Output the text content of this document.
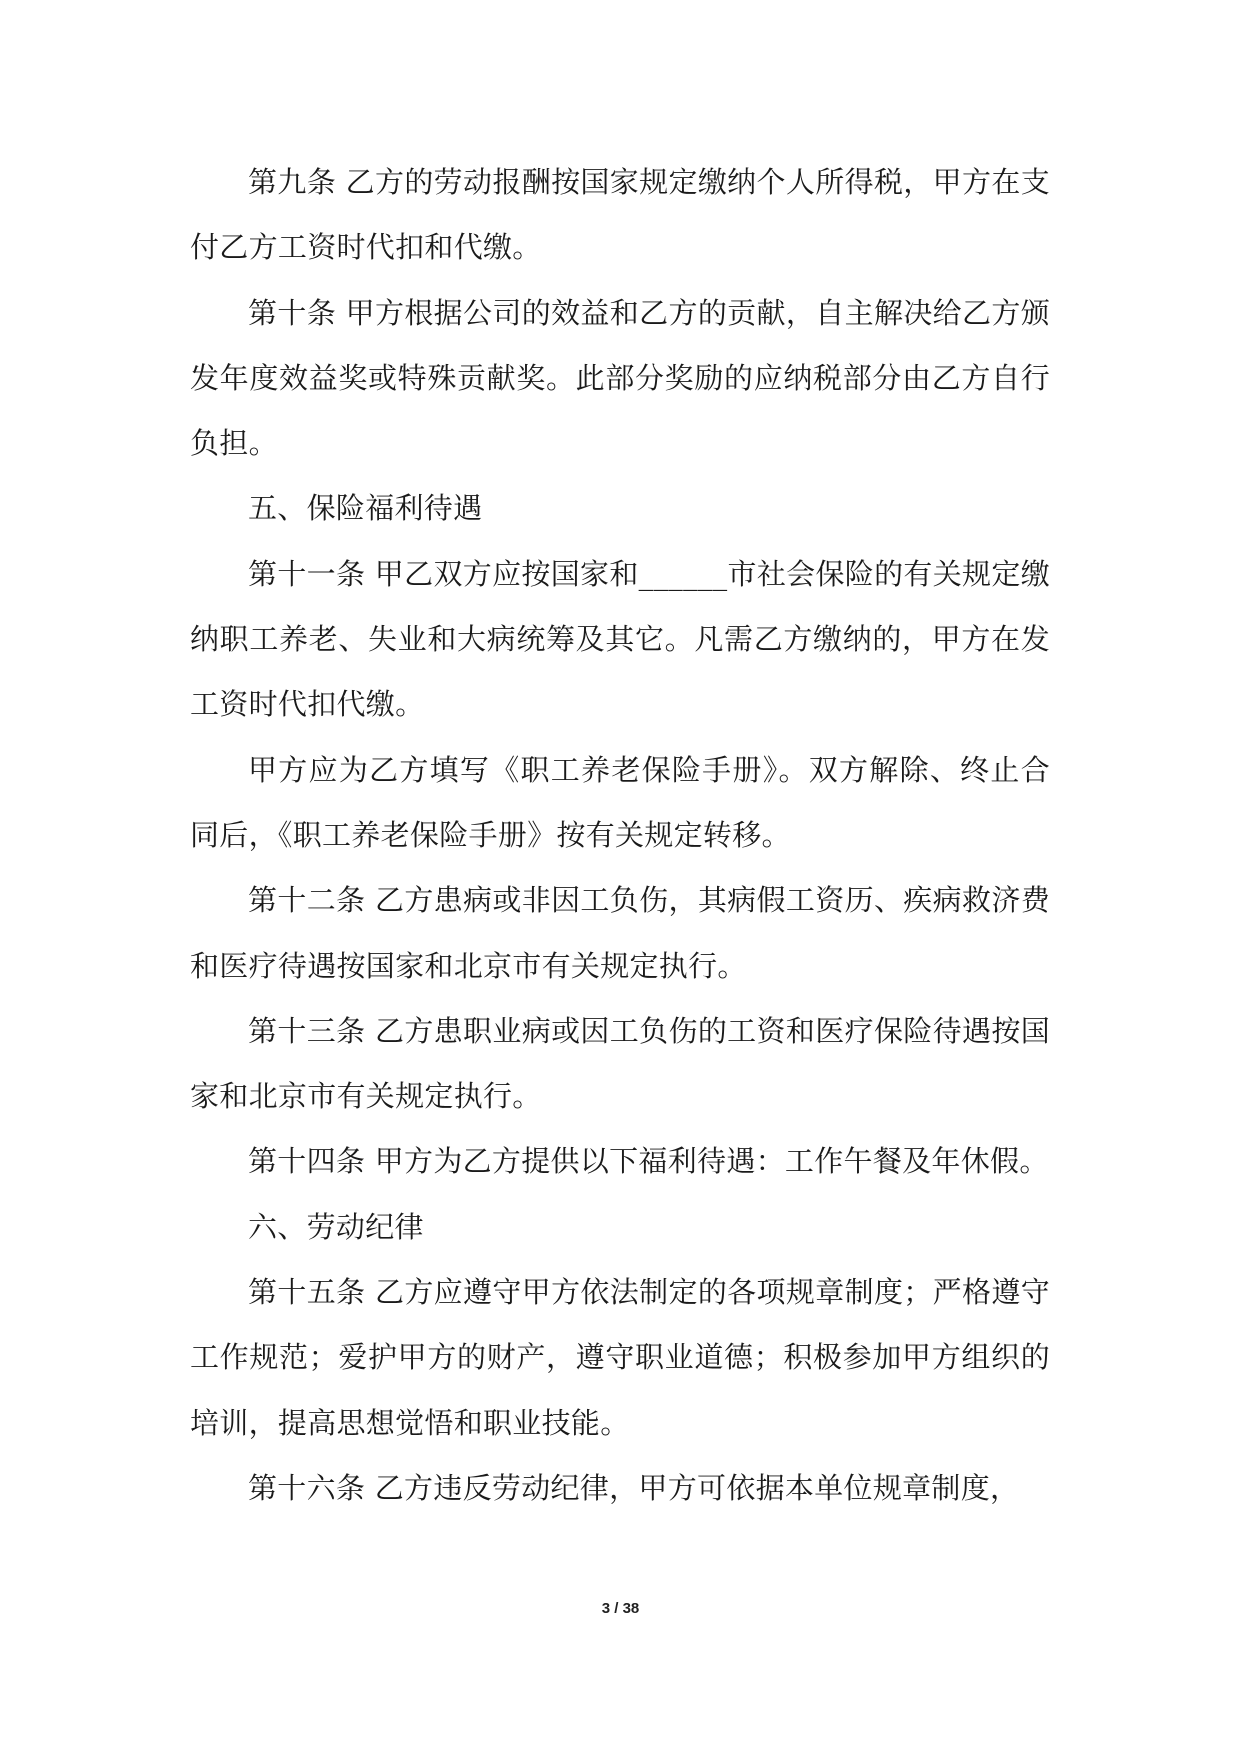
第九条 乙方的劳动报酬按国家规定缴纳个人所得税，甲方在支付乙方工资时代扣和代缴。

第十条 甲方根据公司的效益和乙方的贡献，自主解决给乙方颁发年度效益奖或特殊贡献奖。此部分奖励的应纳税部分由乙方自行负担。

五、保险福利待遇

第十一条 甲乙双方应按国家和______市社会保险的有关规定缴纳职工养老、失业和大病统筹及其它。凡需乙方缴纳的，甲方在发工资时代扣代缴。

甲方应为乙方填写《职工养老保险手册》。双方解除、终止合同后，《职工养老保险手册》按有关规定转移。

第十二条 乙方患病或非因工负伤，其病假工资历、疾病救济费和医疗待遇按国家和北京市有关规定执行。

第十三条 乙方患职业病或因工负伤的工资和医疗保险待遇按国家和北京市有关规定执行。

第十四条 甲方为乙方提供以下福利待遇：工作午餐及年休假。

六、劳动纪律

第十五条 乙方应遵守甲方依法制定的各项规章制度；严格遵守工作规范；爱护甲方的财产，遵守职业道德；积极参加甲方组织的培训，提高思想觉悟和职业技能。

第十六条 乙方违反劳动纪律，甲方可依据本单位规章制度，

3 / 38
